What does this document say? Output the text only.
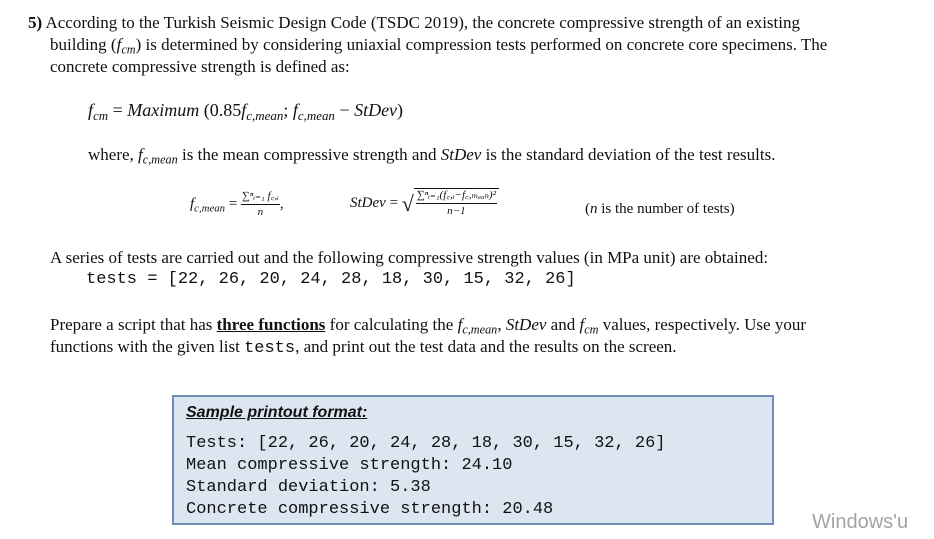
5) According to the Turkish Seismic Design Code (TSDC 2019), the concrete compressive strength of an existing
building $(f_{cm})$ is determined by considering uniaxial compression tests performed on concrete core specimens. The
concrete compressive strength is defined as:
$f_{cm}$ = Maximum ($0.85f_{c,mean}$; $f_{c,mean}$ − StDev)
where, $f_{c,mean}$ is the mean compressive strength and StDev is the standard deviation of the test results.
$f_{c,mean} = \frac{\text{∑ⁿᵢ₌₁ f꜀,ᵢ}}{n}$ ,	StDev = √ $\frac{\text{∑ⁿᵢ₌₁(f꜀,ᵢ−f꜀,ₘₑₐₙ)²}}{n-1}$	(n is the number of tests)
A series of tests are carried out and the following compressive strength values (in MPa unit) are obtained:
tests = [22, 26, 20, 24, 28, 18, 30, 15, 32, 26]
Prepare a script that has three functions for calculating the $f_{c,mean}$, StDev and $f_{cm}$ values, respectively. Use your
functions with the given list tests, and print out the test data and the results on the screen.
Sample printout format:
Tests: [22, 26, 20, 24, 28, 18, 30, 15, 32, 26]
Mean compressive strength: 24.10
Standard deviation: 5.38
Concrete compressive strength: 20.48
Windows'u
